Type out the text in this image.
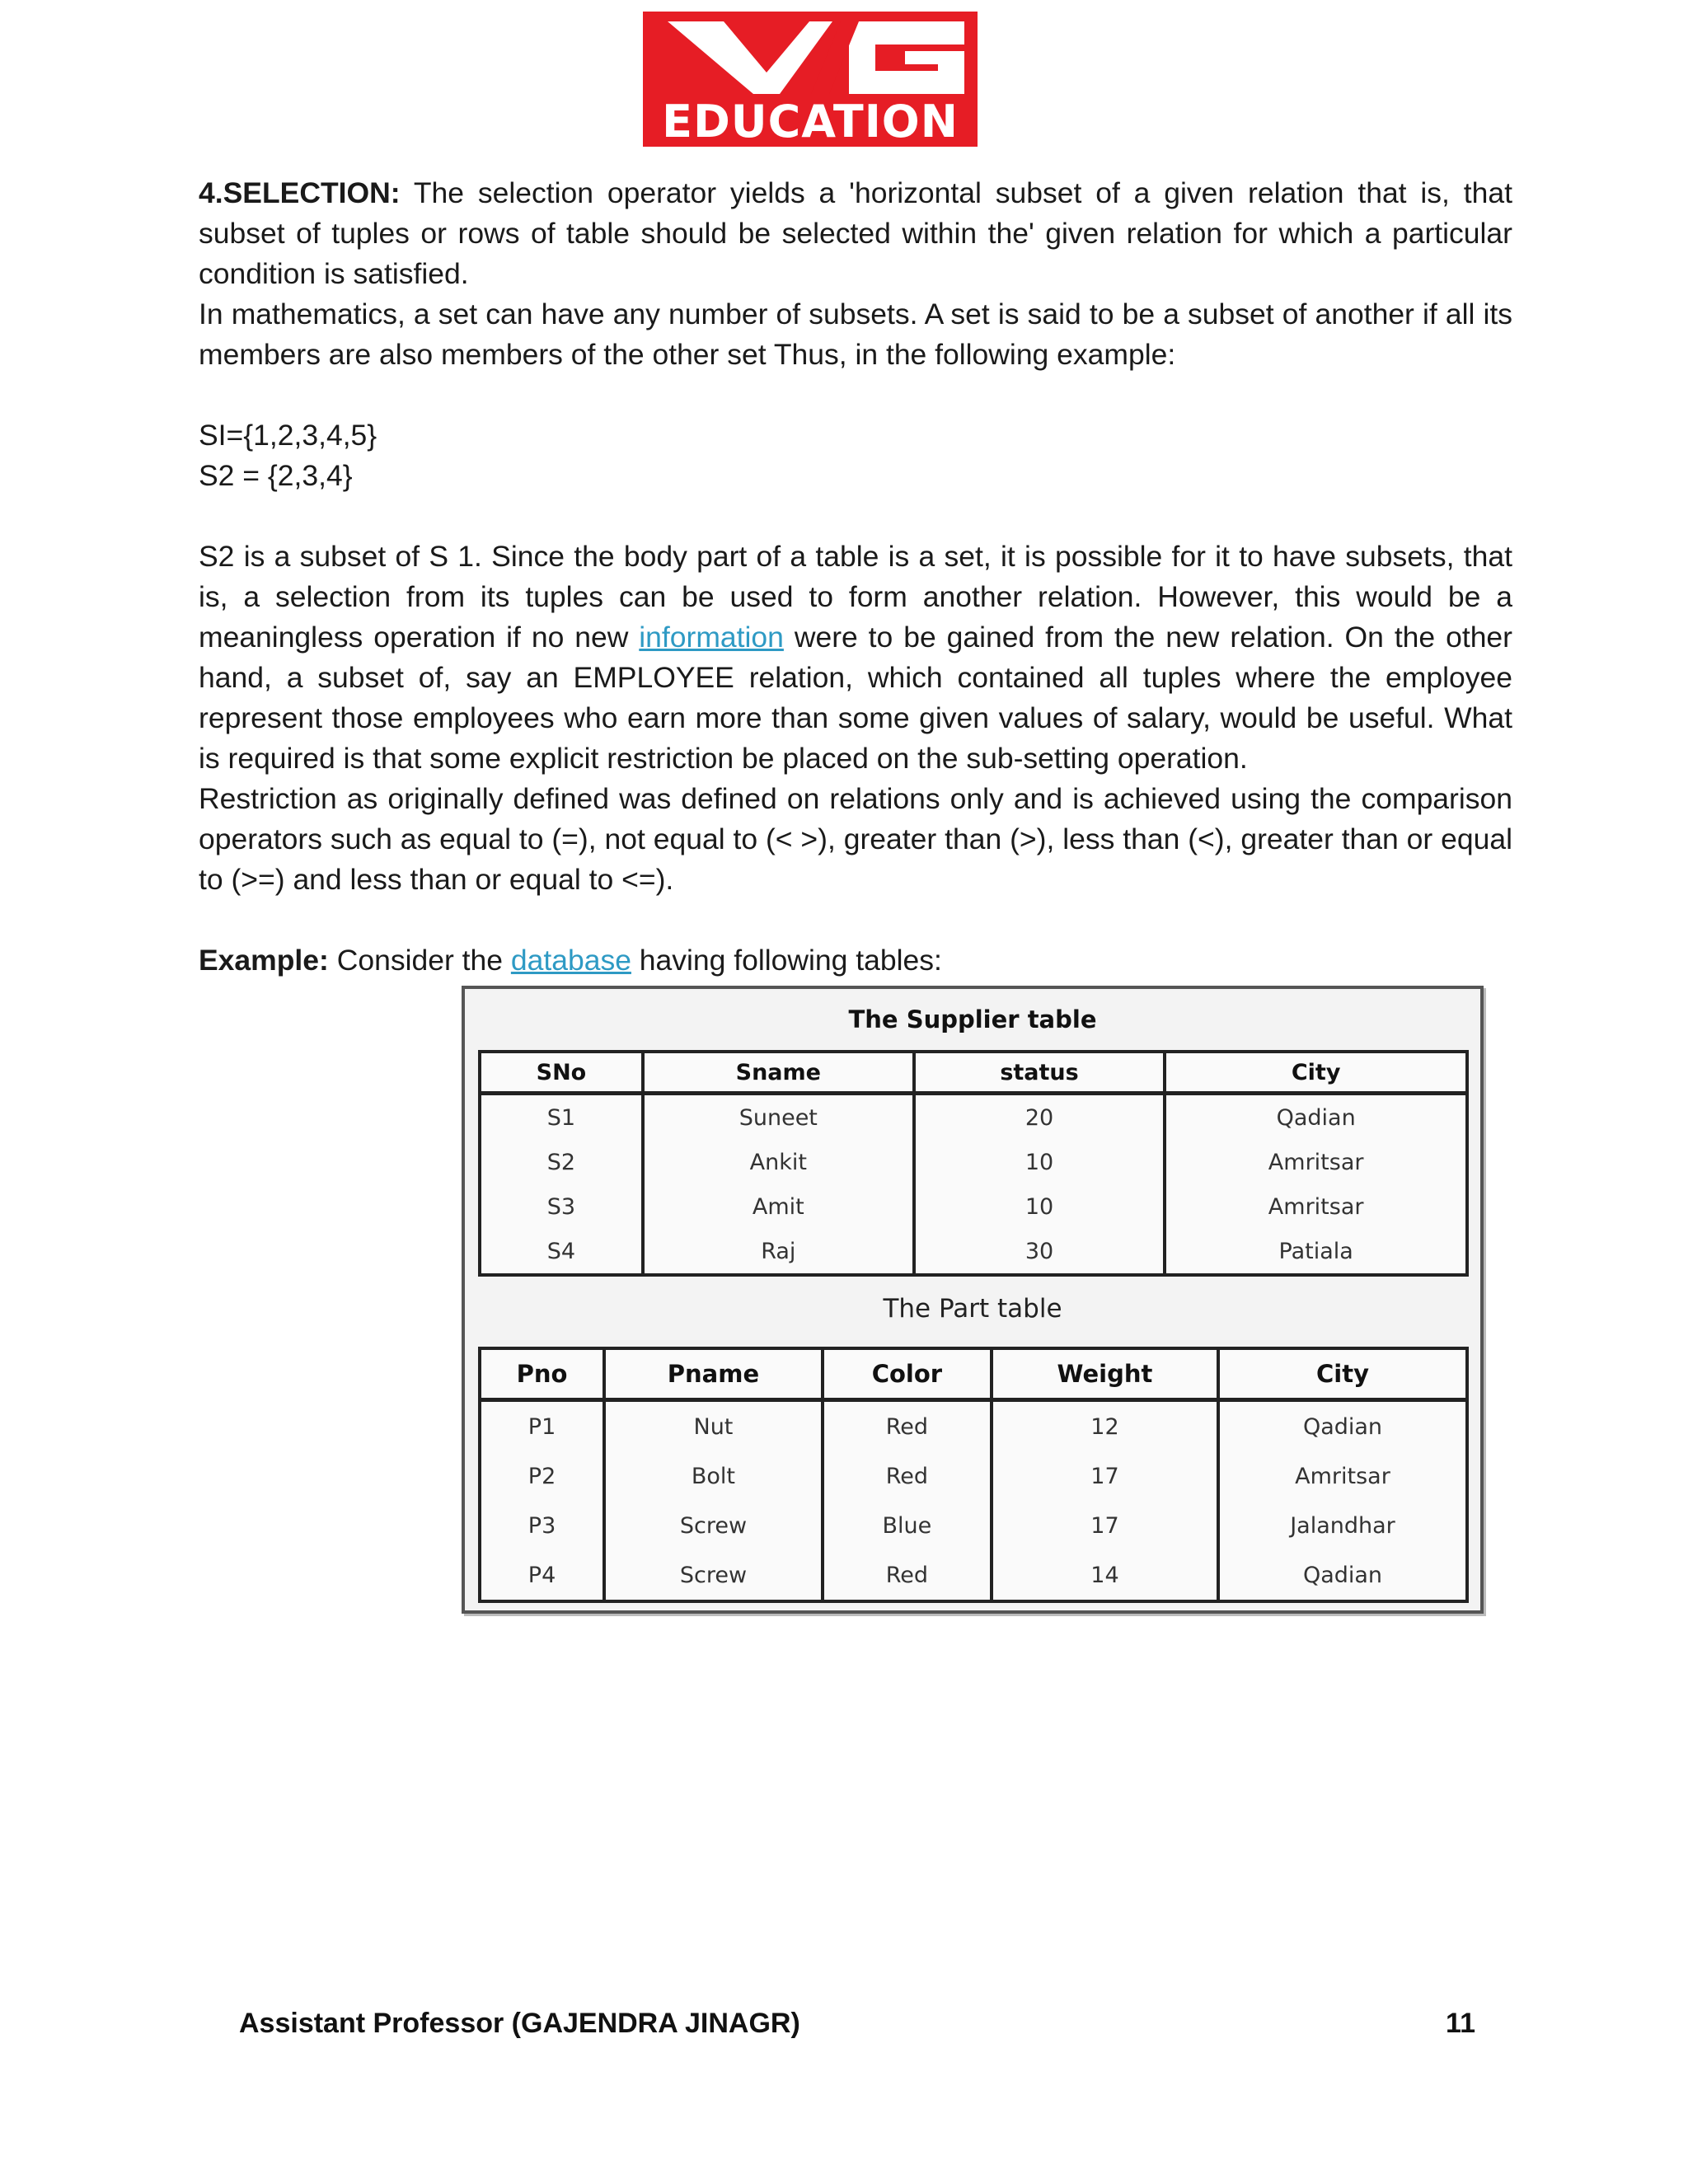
EDUCATION

4.SELECTION: The selection operator yields a 'horizontal subset of a given relation that is, that subset of tuples or rows of table should be selected within the' given relation for which a particular condition is satisfied.

In mathematics, a set can have any number of subsets. A set is said to be a subset of another if all its members are also members of the other set Thus, in the following example:

SI={1,2,3,4,5}

S2 = {2,3,4}

S2 is a subset of S 1. Since the body part of a table is a set, it is possible for it to have subsets, that is, a selection from its tuples can be used to form another relation. However, this would be a meaningless operation if no new information were to be gained from the new relation. On the other hand, a subset of, say an EMPLOYEE relation, which contained all tuples where the employee represent those employees who earn more than some given values of salary, would be useful. What is required is that some explicit restriction be placed on the sub-setting operation.

Restriction as originally defined was defined on relations only and is achieved using the comparison operators such as equal to (=), not equal to (< >), greater than (>), less than (<), greater than or equal to (>=) and less than or equal to <=).

Example: Consider the database having following tables:

The Supplier table
SNo	Sname	status	City
S1	Suneet	20	Qadian
S2	Ankit	10	Amritsar
S3	Amit	10	Amritsar
S4	Raj	30	Patiala
The Part table
Pno	Pname	Color	Weight	City
P1	Nut	Red	12	Qadian
P2	Bolt	Red	17	Amritsar
P3	Screw	Blue	17	Jalandhar
P4	Screw	Red	14	Qadian
Assistant Professor (GAJENDRA JINAGR)	11
